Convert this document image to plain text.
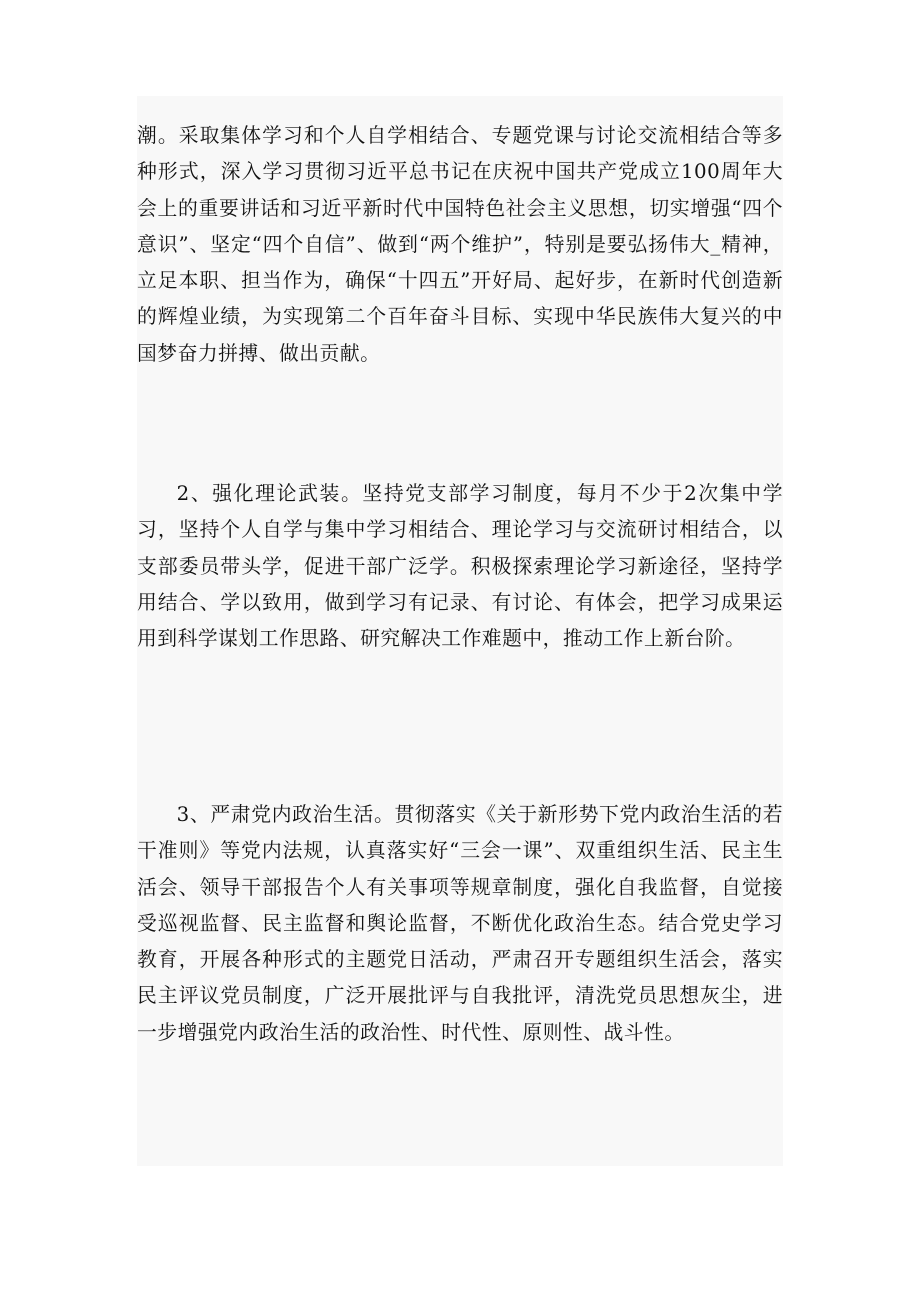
潮。采取集体学习和个人自学相结合、专题党课与讨论交流相结合等多种形式，深入学习贯彻习近平总书记在庆祝中国共产党成立100周年大会上的重要讲话和习近平新时代中国特色社会主义思想，切实增强“四个意识”、坚定“四个自信”、做到“两个维护”，特别是要弘扬伟大_精神，立足本职、担当作为，确保“十四五”开好局、起好步，在新时代创造新的辉煌业绩，为实现第二个百年奋斗目标、实现中华民族伟大复兴的中国梦奋力拼搏、做出贡献。

2、强化理论武装。坚持党支部学习制度，每月不少于2次集中学习，坚持个人自学与集中学习相结合、理论学习与交流研讨相结合，以支部委员带头学，促进干部广泛学。积极探索理论学习新途径，坚持学用结合、学以致用，做到学习有记录、有讨论、有体会，把学习成果运用到科学谋划工作思路、研究解决工作难题中，推动工作上新台阶。

3、严肃党内政治生活。贯彻落实《关于新形势下党内政治生活的若干准则》等党内法规，认真落实好“三会一课”、双重组织生活、民主生活会、领导干部报告个人有关事项等规章制度，强化自我监督，自觉接受巡视监督、民主监督和舆论监督，不断优化政治生态。结合党史学习教育，开展各种形式的主题党日活动，严肃召开专题组织生活会，落实民主评议党员制度，广泛开展批评与自我批评，清洗党员思想灰尘，进一步增强党内政治生活的政治性、时代性、原则性、战斗性。
